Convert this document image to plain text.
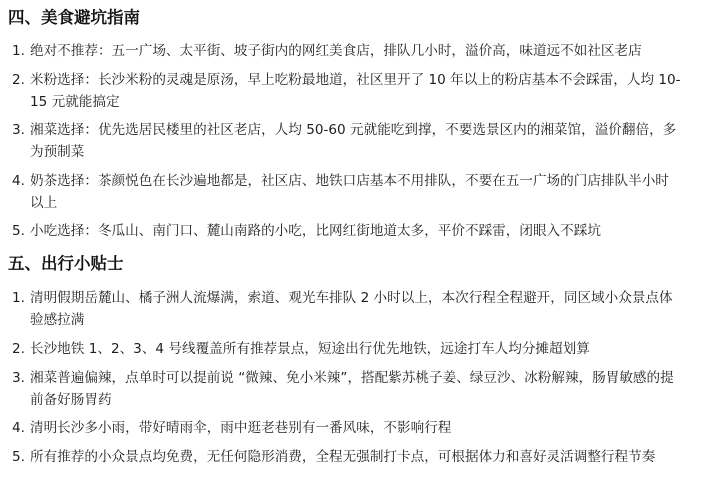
四、美食避坑指南
1. 绝对不推荐：五一广场、太平街、坡子街内的网红美食店，排队几小时，溢价高，味道远不如社区老店
2. 米粉选择：长沙米粉的灵魂是原汤，早上吃粉最地道，社区里开了 10 年以上的粉店基本不会踩雷，人均 10-
15 元就能搞定
3. 湘菜选择：优先选居民楼里的社区老店，人均 50-60 元就能吃到撑，不要选景区内的湘菜馆，溢价翻倍，多
为预制菜
4. 奶茶选择：茶颜悦色在长沙遍地都是，社区店、地铁口店基本不用排队，不要在五一广场的门店排队半小时
以上
5. 小吃选择：冬瓜山、南门口、麓山南路的小吃，比网红街地道太多，平价不踩雷，闭眼入不踩坑
五、出行小贴士
1. 清明假期岳麓山、橘子洲人流爆满，索道、观光车排队 2 小时以上，本次行程全程避开，同区域小众景点体
验感拉满
2. 长沙地铁 1、2、3、4 号线覆盖所有推荐景点，短途出行优先地铁，远途打车人均分摊超划算
3. 湘菜普遍偏辣，点单时可以提前说 “微辣、免小米辣”，搭配紫苏桃子姜、绿豆沙、冰粉解辣，肠胃敏感的提
前备好肠胃药
4. 清明长沙多小雨，带好晴雨伞，雨中逛老巷别有一番风味，不影响行程
5. 所有推荐的小众景点均免费，无任何隐形消费，全程无强制打卡点，可根据体力和喜好灵活调整行程节奏
